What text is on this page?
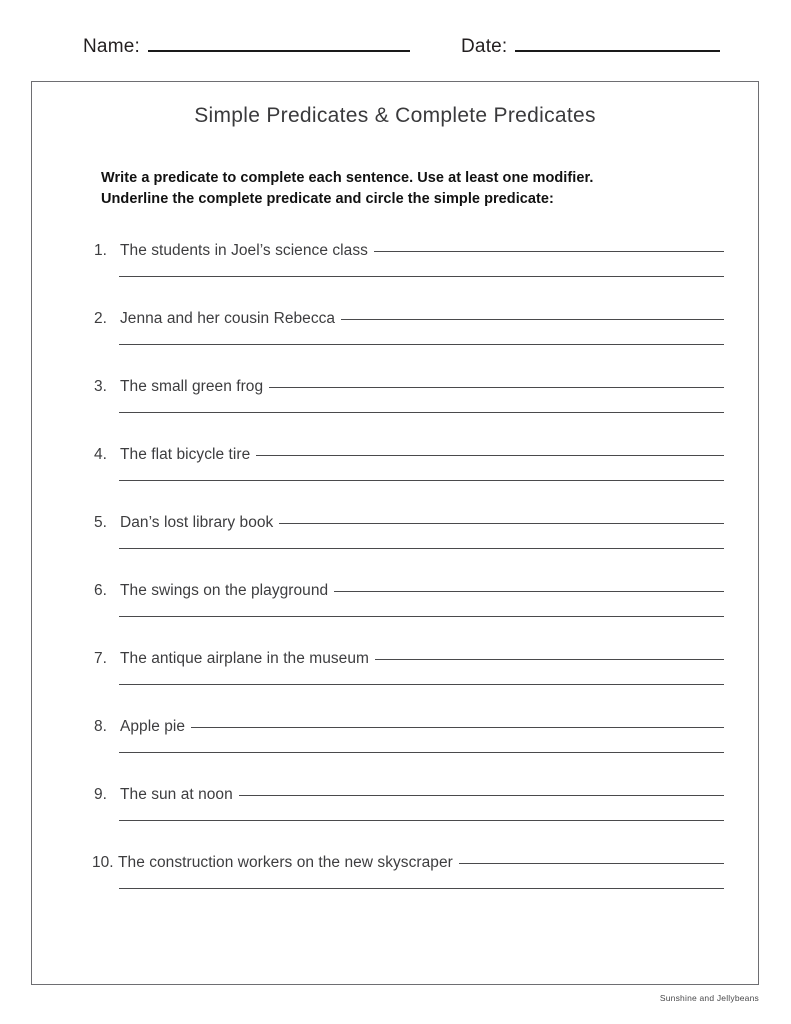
Name:	Date:
Simple Predicates & Complete Predicates
Write a predicate to complete each sentence. Use at least one modifier.
Underline the complete predicate and circle the simple predicate:
1. The students in Joel’s science class
2. Jenna and her cousin Rebecca
3. The small green frog
4. The flat bicycle tire
5. Dan’s lost library book
6. The swings on the playground
7. The antique airplane in the museum
8. Apple pie
9. The sun at noon
10. The construction workers on the new skyscraper
Sunshine and Jellybeans
